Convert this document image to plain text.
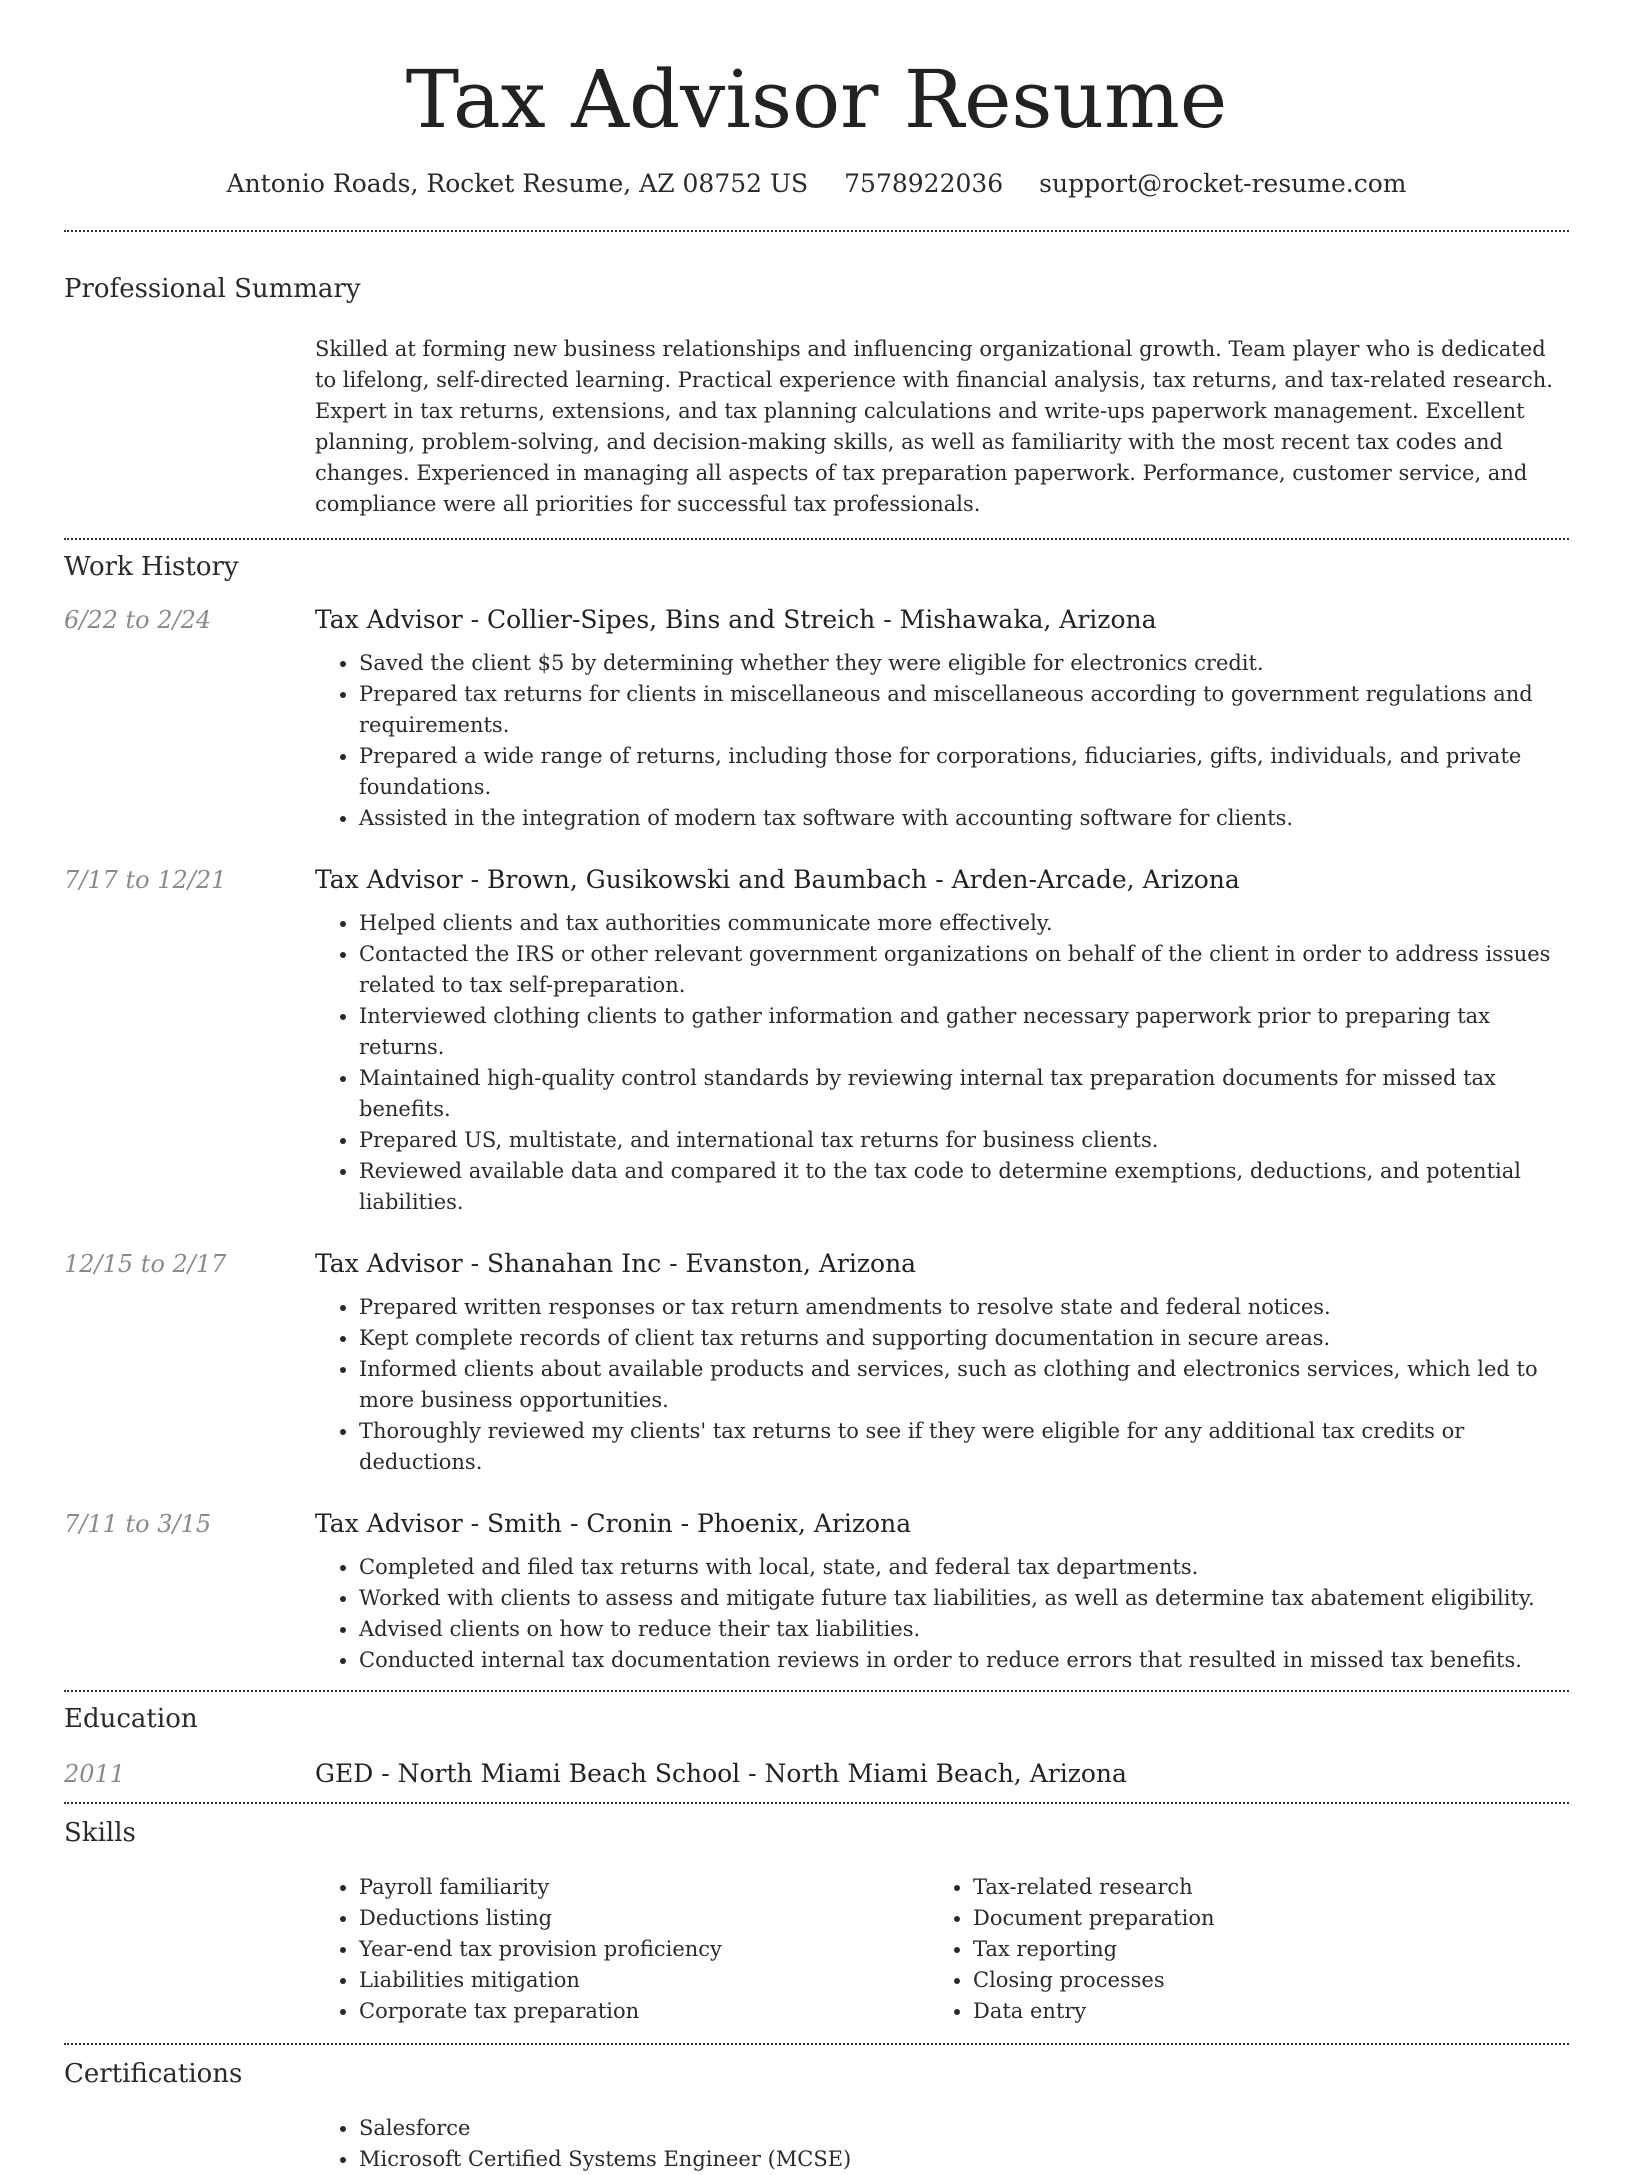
Tax Advisor Resume
Antonio Roads, Rocket Resume, AZ 08752 US 7578922036 support@rocket-resume.com
Professional Summary

Skilled at forming new business relationships and influencing organizational growth. Team player who is dedicated to lifelong, self-directed learning. Practical experience with financial analysis, tax returns, and tax-related research. Expert in tax returns, extensions, and tax planning calculations and write-ups paperwork management. Excellent planning, problem-solving, and decision-making skills, as well as familiarity with the most recent tax codes and changes. Experienced in managing all aspects of tax preparation paperwork. Performance, customer service, and compliance were all priorities for successful tax professionals.

Work History
6/22 to 2/24	Tax Advisor - Collier-Sipes, Bins and Streich - Mishawaka, Arizona
• Saved the client $5 by determining whether they were eligible for electronics credit.
• Prepared tax returns for clients in miscellaneous and miscellaneous according to government regulations and requirements.
• Prepared a wide range of returns, including those for corporations, fiduciaries, gifts, individuals, and private foundations.
• Assisted in the integration of modern tax software with accounting software for clients.
7/17 to 12/21	Tax Advisor - Brown, Gusikowski and Baumbach - Arden-Arcade, Arizona
• Helped clients and tax authorities communicate more effectively.
• Contacted the IRS or other relevant government organizations on behalf of the client in order to address issues related to tax self-preparation.
• Interviewed clothing clients to gather information and gather necessary paperwork prior to preparing tax returns.
• Maintained high-quality control standards by reviewing internal tax preparation documents for missed tax benefits.
• Prepared US, multistate, and international tax returns for business clients.
• Reviewed available data and compared it to the tax code to determine exemptions, deductions, and potential liabilities.
12/15 to 2/17	Tax Advisor - Shanahan Inc - Evanston, Arizona
• Prepared written responses or tax return amendments to resolve state and federal notices.
• Kept complete records of client tax returns and supporting documentation in secure areas.
• Informed clients about available products and services, such as clothing and electronics services, which led to more business opportunities.
• Thoroughly reviewed my clients' tax returns to see if they were eligible for any additional tax credits or deductions.
7/11 to 3/15	Tax Advisor - Smith - Cronin - Phoenix, Arizona
• Completed and filed tax returns with local, state, and federal tax departments.
• Worked with clients to assess and mitigate future tax liabilities, as well as determine tax abatement eligibility.
• Advised clients on how to reduce their tax liabilities.
• Conducted internal tax documentation reviews in order to reduce errors that resulted in missed tax benefits.
Education
2011	GED - North Miami Beach School - North Miami Beach, Arizona
Skills
• Payroll familiarity
• Deductions listing
• Year-end tax provision proficiency
• Liabilities mitigation
• Corporate tax preparation
• Tax-related research
• Document preparation
• Tax reporting
• Closing processes
• Data entry
Certifications
• Salesforce
• Microsoft Certified Systems Engineer (MCSE)
